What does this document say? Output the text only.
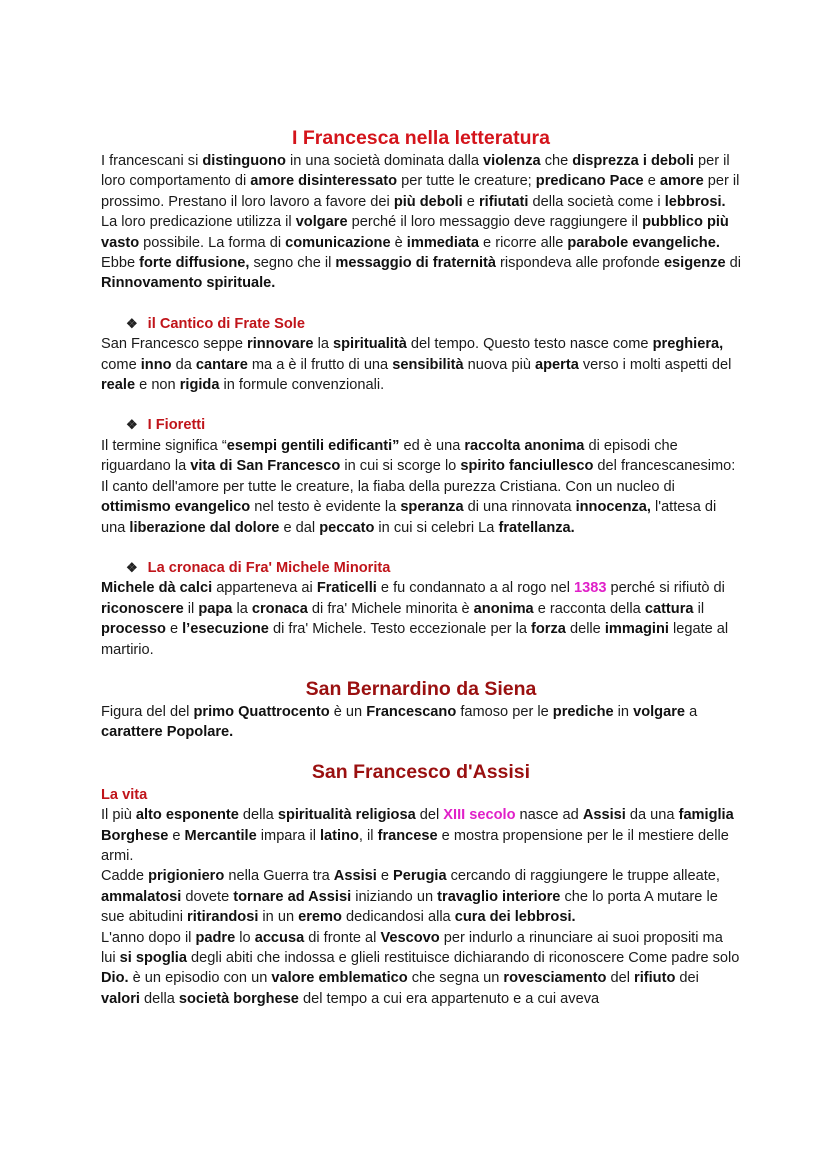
I Francesca nella letteratura

I francescani si distinguono in una società dominata dalla violenza che disprezza i deboli per il loro comportamento di amore disinteressato per tutte le creature; predicano Pace e amore per il prossimo. Prestano il loro lavoro a favore dei più deboli e rifiutati della società come i lebbrosi.

La loro predicazione utilizza il volgare perché il loro messaggio deve raggiungere il pubblico più vasto possibile. La forma di comunicazione è immediata e ricorre alle parabole evangeliche.

Ebbe forte diffusione, segno che il messaggio di fraternità rispondeva alle profonde esigenze di Rinnovamento spirituale.

❖ il Cantico di Frate Sole

San Francesco seppe rinnovare la spiritualità del tempo. Questo testo nasce come preghiera, come inno da cantare ma a è il frutto di una sensibilità nuova più aperta verso i molti aspetti del reale e non rigida in formule convenzionali.

❖ I Fioretti

Il termine significa “esempi gentili edificanti” ed è una raccolta anonima di episodi che riguardano la vita di San Francesco in cui si scorge lo spirito fanciullesco del francescanesimo: Il canto dell'amore per tutte le creature, la fiaba della purezza Cristiana. Con un nucleo di ottimismo evangelico nel testo è evidente la speranza di una rinnovata innocenza, l'attesa di una liberazione dal dolore e dal peccato in cui si celebri La fratellanza.

❖ La cronaca di Fra' Michele Minorita

Michele dà calci apparteneva ai Fraticelli e fu condannato a al rogo nel 1383 perché si rifiutò di riconoscere il papa la cronaca di fra' Michele minorita è anonima e racconta della cattura il processo e l’esecuzione di fra' Michele. Testo eccezionale per la forza delle immagini legate al martirio.

San Bernardino da Siena

Figura del del primo Quattrocento è un Francescano famoso per le prediche in volgare a carattere Popolare.

San Francesco d'Assisi

La vita

Il più alto esponente della spiritualità religiosa del XIII secolo nasce ad Assisi da una famiglia Borghese e Mercantile impara il latino, il francese e mostra propensione per le il mestiere delle armi.

Cadde prigioniero nella Guerra tra Assisi e Perugia cercando di raggiungere le truppe alleate, ammalatosi dovete tornare ad Assisi iniziando un travaglio interiore che lo porta A mutare le sue abitudini ritirandosi in un eremo dedicandosi alla cura dei lebbrosi.

L'anno dopo il padre lo accusa di fronte al Vescovo per indurlo a rinunciare ai suoi propositi ma lui si spoglia degli abiti che indossa e glieli restituisce dichiarando di riconoscere Come padre solo Dio. è un episodio con un valore emblematico che segna un rovesciamento del rifiuto dei valori della società borghese del tempo a cui era appartenuto e a cui aveva
